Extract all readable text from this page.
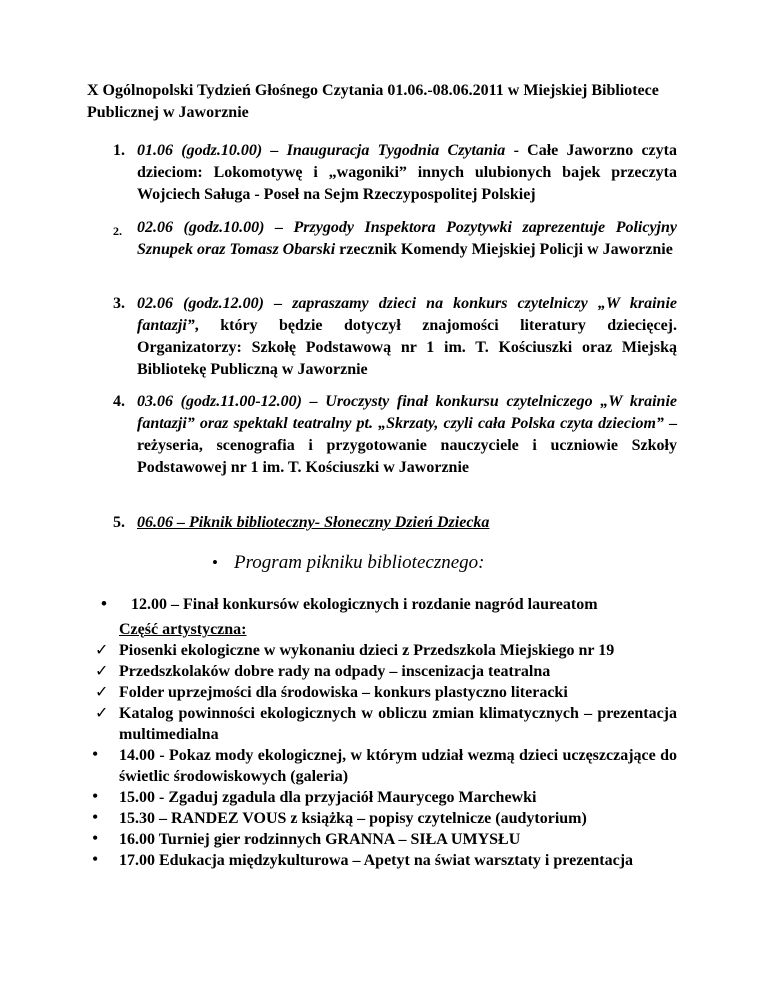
X Ogólnopolski Tydzień Głośnego Czytania 01.06.-08.06.2011 w Miejskiej Bibliotece Publicznej w Jaworznie
1. 01.06 (godz.10.00) – Inauguracja Tygodnia Czytania - Całe Jaworzno czyta dzieciom: Lokomotywę i „wagoniki” innych ulubionych bajek przeczyta Wojciech Saługa - Poseł na Sejm Rzeczypospolitej Polskiej
2. 02.06 (godz.10.00) – Przygody Inspektora Pozytywki zaprezentuje Policyjny Sznupek oraz Tomasz Obarski rzecznik Komendy Miejskiej Policji w Jaworznie
3. 02.06 (godz.12.00) – zapraszamy dzieci na konkurs czytelniczy „W krainie fantazji”, który będzie dotyczył znajomości literatury dziecięcej. Organizatorzy: Szkołę Podstawową nr 1 im. T. Kościuszki oraz Miejską Bibliotekę Publiczną w Jaworznie
4. 03.06 (godz.11.00-12.00) – Uroczysty finał konkursu czytelniczego „W krainie fantazji” oraz spektakl teatralny pt. „Skrzaty, czyli cała Polska czyta dzieciom” – reżyseria, scenografia i przygotowanie nauczyciele i uczniowie Szkoły Podstawowej nr 1 im. T. Kościuszki w Jaworznie
5. 06.06 – Piknik biblioteczny- Słoneczny Dzień Dziecka
• Program pikniku bibliotecznego:
• 12.00 – Finał konkursów ekologicznych i rozdanie nagród laureatom
Część artystyczna:
✓ Piosenki ekologiczne w wykonaniu dzieci z Przedszkola Miejskiego nr 19
✓ Przedszkolaków dobre rady na odpady – inscenizacja teatralna
✓ Folder uprzejmości dla środowiska – konkurs plastyczno literacki
✓ Katalog powinności ekologicznych w obliczu zmian klimatycznych – prezentacja multimedialna
• 14.00 - Pokaz mody ekologicznej, w którym udział wezmą dzieci uczęszczające do świetlic środowiskowych (galeria)
• 15.00 - Zgaduj zgadula dla przyjaciół Maurycego Marchewki
• 15.30 – RANDEZ VOUS z książką – popisy czytelnicze (audytorium)
• 16.00 Turniej gier rodzinnych GRANNA – SIŁA UMYSŁU
• 17.00 Edukacja międzykulturowa – Apetyt na świat warsztaty i prezentacja
